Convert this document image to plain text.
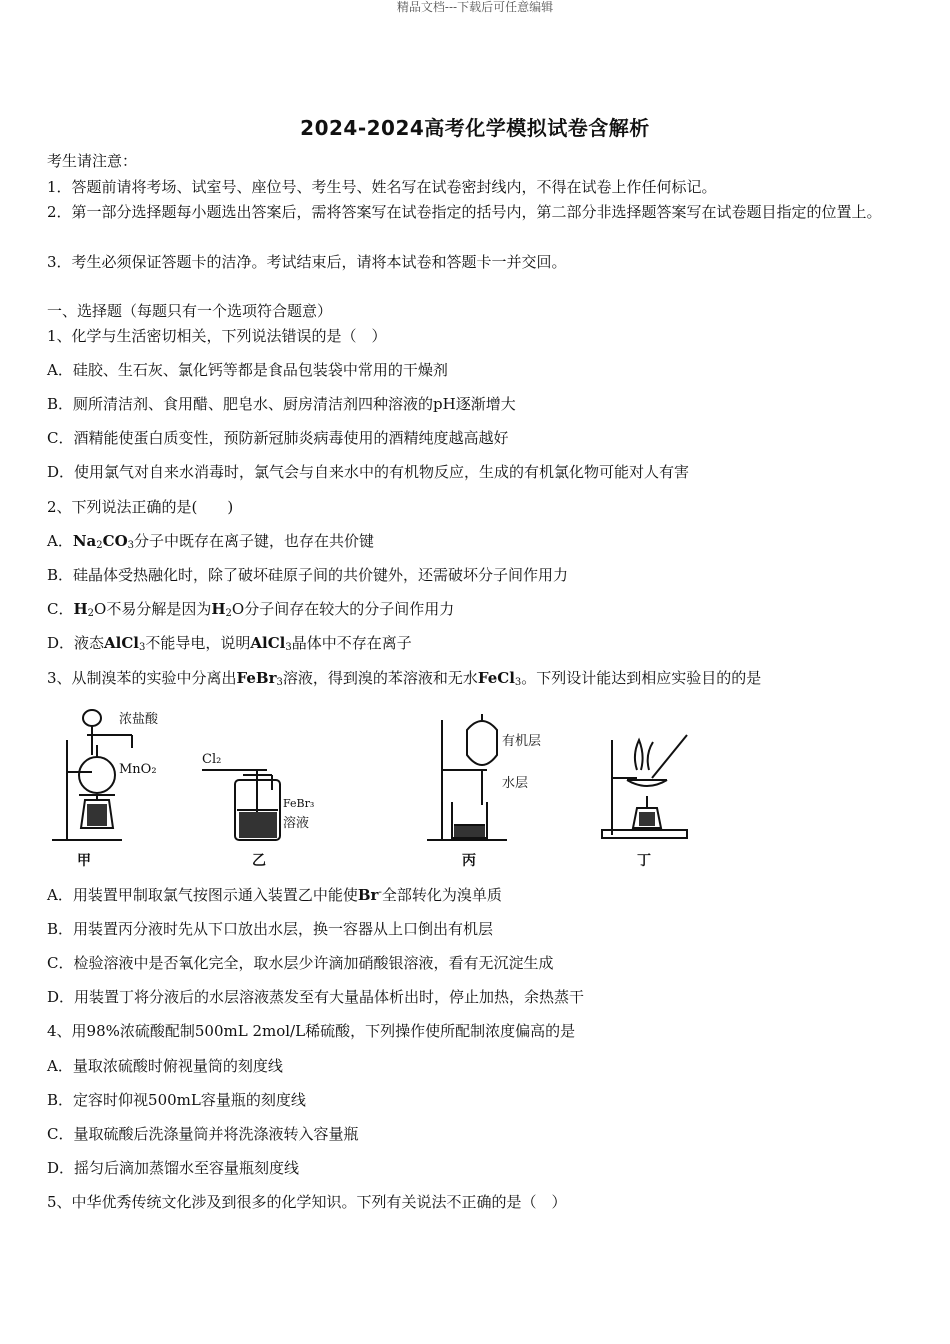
精品文档---下载后可任意编辑
2024-2024高考化学模拟试卷含解析
考生请注意：
1．答题前请将考场、试室号、座位号、考生号、姓名写在试卷密封线内，不得在试卷上作任何标记。
2．第一部分选择题每小题选出答案后，需将答案写在试卷指定的括号内，第二部分非选择题答案写在试卷题目指定的位置上。
3．考生必须保证答题卡的洁净。考试结束后，请将本试卷和答题卡一并交回。
一、选择题（每题只有一个选项符合题意）
1、化学与生活密切相关，下列说法错误的是（　）
A．硅胶、生石灰、氯化钙等都是食品包装袋中常用的干燥剂
B．厕所清洁剂、食用醋、肥皂水、厨房清洁剂四种溶液的pH逐渐增大
C．酒精能使蛋白质变性，预防新冠肺炎病毒使用的酒精纯度越高越好
D．使用氯气对自来水消毒时，氯气会与自来水中的有机物反应，生成的有机氯化物可能对人有害
2、下列说法正确的是(　　)
A．$Na_2CO_3$分子中既存在离子键，也存在共价键
B．硅晶体受热融化时，除了破坏硅原子间的共价键外，还需破坏分子间作用力
C．$H_2O$不易分解是因为$H_2O$分子间存在较大的分子间作用力
D．液态AlCl$_3$不能导电，说明AlCl$_3$晶体中不存在离子
3、从制溴苯的实验中分离出FeBr$_3$溶液，得到溴的苯溶液和无水FeCl$_3$。下列设计能达到相应实验目的的是
浓盐酸
MnO₂
Cl₂
FeBr₃
溶液
有机层
水层
甲	乙	丙	丁
A．用装置甲制取氯气按图示通入装置乙中能使Br-全部转化为溴单质
B．用装置丙分液时先从下口放出水层，换一容器从上口倒出有机层
C．检验溶液中是否氧化完全，取水层少许滴加硝酸银溶液，看有无沉淀生成
D．用装置丁将分液后的水层溶液蒸发至有大量晶体析出时，停止加热，余热蒸干
4、用98%浓硫酸配制500mL 2mol/L稀硫酸，下列操作使所配制浓度偏高的是
A．量取浓硫酸时俯视量筒的刻度线
B．定容时仰视500mL容量瓶的刻度线
C．量取硫酸后洗涤量筒并将洗涤液转入容量瓶
D．摇匀后滴加蒸馏水至容量瓶刻度线
5、中华优秀传统文化涉及到很多的化学知识。下列有关说法不正确的是（　）
